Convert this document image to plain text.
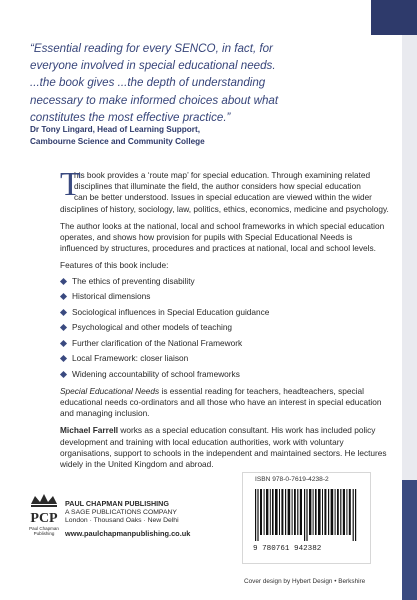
“Essential reading for every SENCO, in fact, for
everyone involved in special educational needs.
...the book gives ...the depth of understanding
necessary to make informed choices about what
constitutes the most effective practice.”
Dr Tony Lingard, Head of Learning Support,
Cambourne Science and Community College
T
his book provides a ‘route map’ for special education. Through examining related
disciplines that illuminate the field, the author considers how special education
can be better understood. Issues in special education are viewed within the wider
disciplines of history, sociology, law, politics, ethics, economics, medicine and psychology.
The author looks at the national, local and school frameworks in which special education
operates, and shows how provision for pupils with Special Educational Needs is
influenced by structures, procedures and practices at national, local and school levels.
Features of this book include:
The ethics of preventing disability
Historical dimensions
Sociological influences in Special Education guidance
Psychological and other models of teaching
Further clarification of the National Framework
Local Framework: closer liaison
Widening accountability of school frameworks
Special Educational Needs is essential reading for teachers, headteachers, special
educational needs co-ordinators and all those who have an interest in special education
and managing inclusion.
Michael Farrell works as a special education consultant. His work has included policy
development and training with local education authorities, work with voluntary
organisations, support to schools in the independent and maintained sectors. He lectures
widely in the United Kingdom and abroad.
ISBN 978-0-7619-4238-2
9 780761 942382
PCP
Paul Chapman
Publishing
PAUL CHAPMAN PUBLISHING
A SAGE PUBLICATIONS COMPANY
London · Thousand Oaks · New Delhi
www.paulchapmanpublishing.co.uk
Cover design by Hybert Design • Berkshire
